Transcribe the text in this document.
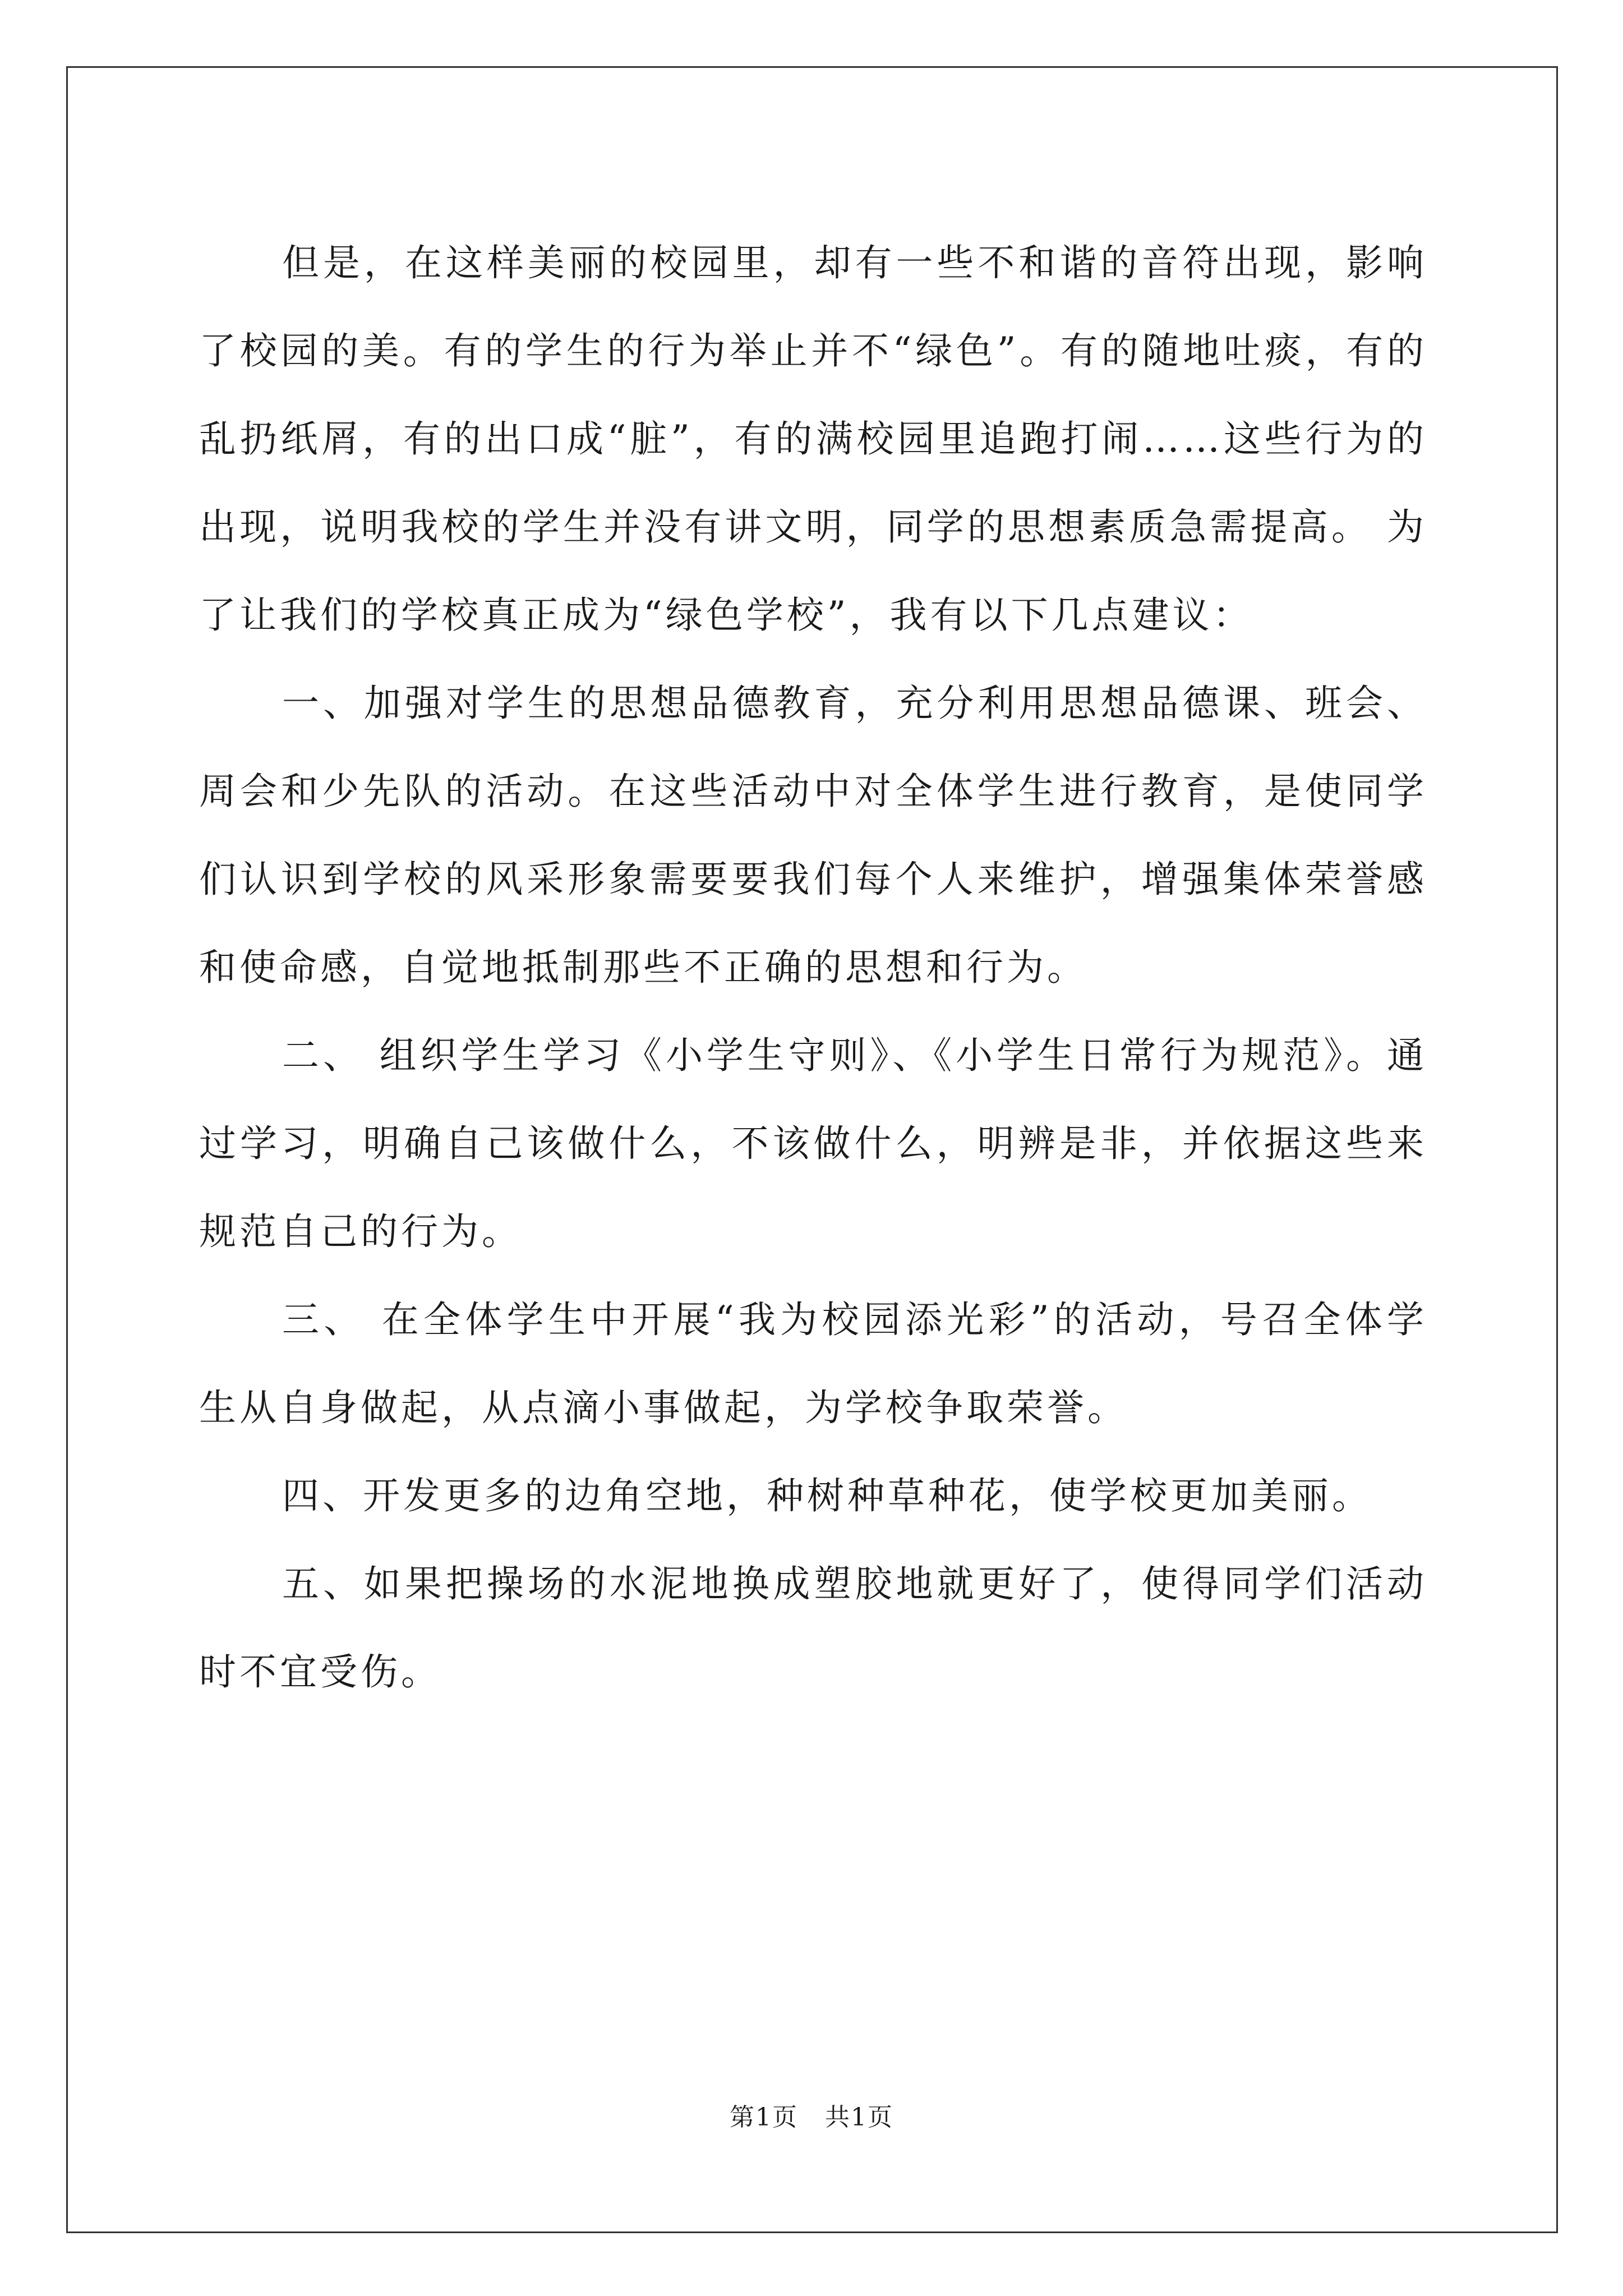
但是，在这样美丽的校园里，却有一些不和谐的音符出现，影响了校园的美。有的学生的行为举止并不“绿色”。有的随地吐痰，有的乱扔纸屑，有的出口成“脏”，有的满校园里追跑打闹……这些行为的出现，说明我校的学生并没有讲文明，同学的思想素质急需提高。 为了让我们的学校真正成为“绿色学校”，我有以下几点建议：

一、加强对学生的思想品德教育，充分利用思想品德课、班会、周会和少先队的活动。在这些活动中对全体学生进行教育，是使同学们认识到学校的风采形象需要要我们每个人来维护，增强集体荣誉感和使命感，自觉地抵制那些不正确的思想和行为。

二、 组织学生学习《小学生守则》、《小学生日常行为规范》。通过学习，明确自己该做什么，不该做什么，明辨是非，并依据这些来规范自己的行为。

三、 在全体学生中开展“我为校园添光彩”的活动，号召全体学生从自身做起，从点滴小事做起，为学校争取荣誉。

四、开发更多的边角空地，种树种草种花，使学校更加美丽。

五、如果把操场的水泥地换成塑胶地就更好了，使得同学们活动时不宜受伤。

第1页 共1页
